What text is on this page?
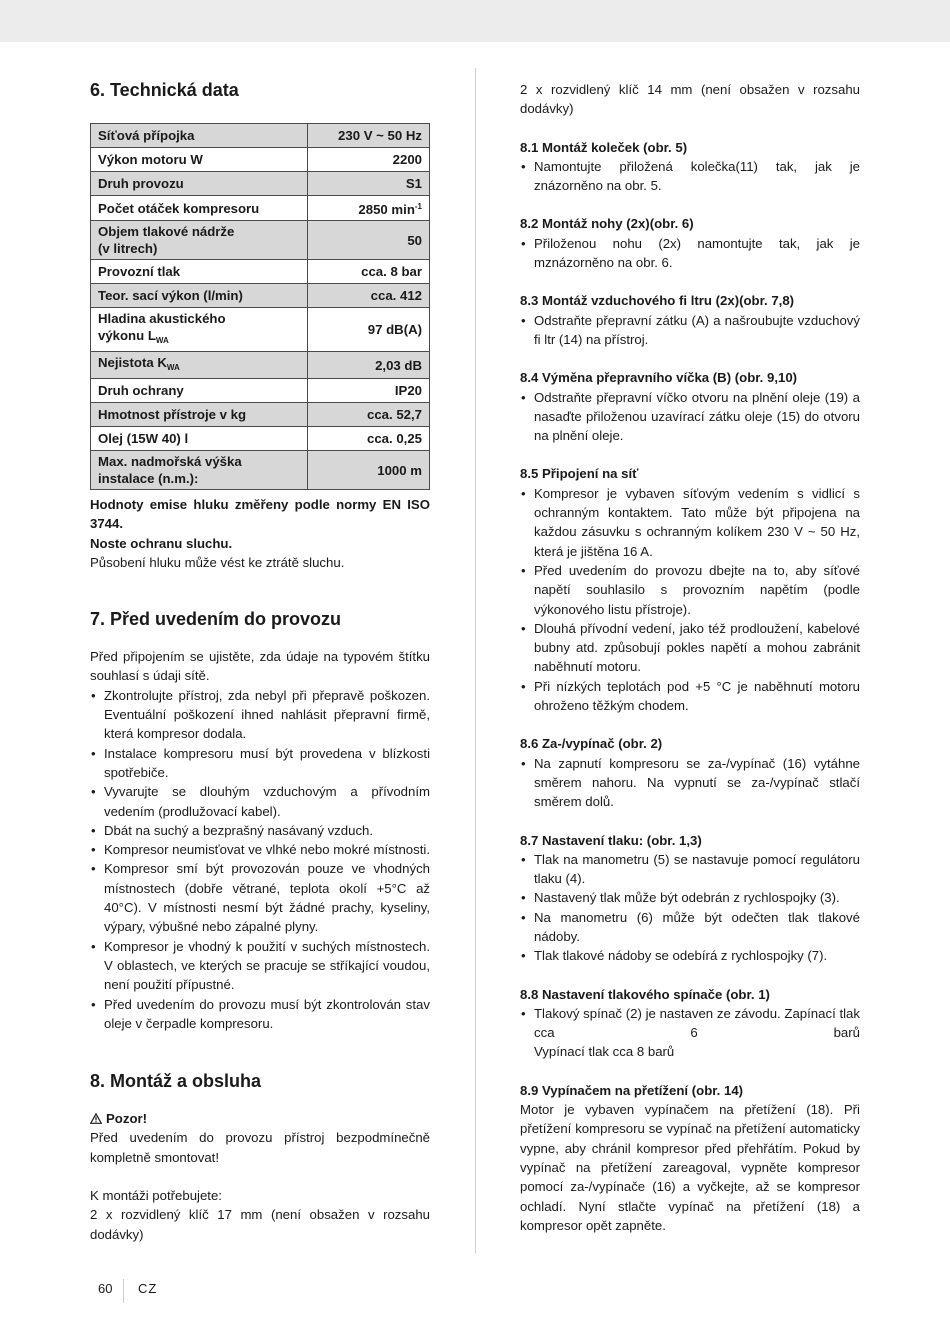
6. Technická data
Síťová přípojka	230 V ~ 50 Hz
Výkon motoru W	2200
Druh provozu	S1
Počet otáček kompresoru	2850 $\min^{-1}$
Objem tlakové nádrže
(v litrech)	50
Provozní tlak	cca. 8 bar
Teor. sací výkon (l/min)	cca. 412
Hladina akustického
výkonu $L_{WA}$	97 dB(A)
Nejistota $K_{WA}$	2,03 dB
Druh ochrany	IP20
Hmotnost přístroje v kg	cca. 52,7
Olej (15W 40) l	cca. 0,25
Max. nadmořská výška
instalace (n.m.):	1000 m

Hodnoty emise hluku změřeny podle normy EN ISO 3744.

Noste ochranu sluchu.

Působení hluku může vést ke ztrátě sluchu.

7. Před uvedením do provozu

Před připojením se ujistěte, zda údaje na typovém štítku souhlasí s údaji sítě.

• Zkontrolujte přístroj, zda nebyl při přepravě poškozen. Eventuální poškození ihned nahlásit přepravní firmě, která kompresor dodala.
• Instalace kompresoru musí být provedena v blízkosti spotřebiče.
• Vyvarujte se dlouhým vzduchovým a přívodním vedením (prodlužovací kabel).
• Dbát na suchý a bezprašný nasávaný vzduch.
• Kompresor neumisťovat ve vlhké nebo mokré místnosti.
• Kompresor smí být provozován pouze ve vhodných místnostech (dobře větrané, teplota okolí +5°C až 40°C). V místnosti nesmí být žádné prachy, kyseliny, výpary, výbušné nebo zápalné plyny.
• Kompresor je vhodný k použití v suchých místnostech. V oblastech, ve kterých se pracuje se stříkající voudou, není použití přípustné.
• Před uvedením do provozu musí být zkontrolován stav oleje v čerpadle kompresoru.
8. Montáž a obsluha

Pozor!

Před uvedením do provozu přístroj bezpodmínečně kompletně smontovat!

K montáži potřebujete:

2 x rozvidlený klíč 17 mm (není obsažen v rozsahu dodávky)

2 x rozvidlený klíč 14 mm (není obsažen v rozsahu dodávky)

8.1 Montáž koleček (obr. 5)

• Namontujte přiložená kolečka(11) tak, jak je znázorněno na obr. 5.

8.2 Montáž nohy (2x)(obr. 6)

• Přiloženou nohu (2x) namontujte tak, jak je mznázorněno na obr. 6.

8.3 Montáž vzduchového fi ltru (2x)(obr. 7,8)

• Odstraňte přepravní zátku (A) a našroubujte vzduchový fi ltr (14) na přístroj.

8.4 Výměna přepravního víčka (B) (obr. 9,10)

• Odstraňte přepravní víčko otvoru na plnění oleje (19) a nasaďte přiloženou uzavírací zátku oleje (15) do otvoru na plnění oleje.

8.5 Připojení na síť

• Kompresor je vybaven síťovým vedením s vidlicí s ochranným kontaktem. Tato může být připojena na každou zásuvku s ochranným kolíkem 230 V ~ 50 Hz, která je jištěna 16 A.
• Před uvedením do provozu dbejte na to, aby síťové napětí souhlasilo s provozním napětím (podle výkonového listu přístroje).
• Dlouhá přívodní vedení, jako též prodloužení, kabelové bubny atd. způsobují pokles napětí a mohou zabránit naběhnutí motoru.
• Při nízkých teplotách pod +5 °C je naběhnutí motoru ohroženo těžkým chodem.

8.6 Za-/vypínač (obr. 2)

• Na zapnutí kompresoru se za-/vypínač (16) vytáhne směrem nahoru. Na vypnutí se za-/vypínač stlačí směrem dolů.

8.7 Nastavení tlaku: (obr. 1,3)

• Tlak na manometru (5) se nastavuje pomocí regulátoru tlaku (4).
• Nastavený tlak může být odebrán z rychlospojky (3).
• Na manometru (6) může být odečten tlak tlakové nádoby.
• Tlak tlakové nádoby se odebírá z rychlospojky (7).

8.8 Nastavení tlakového spínače (obr. 1)

• Tlakový spínač (2) je nastaven ze závodu. Zapínací tlak cca 6 barů
Vypínací tlak cca 8 barů

8.9 Vypínačem na přetížení (obr. 14)

Motor je vybaven vypínačem na přetížení (18). Při přetížení kompresoru se vypínač na přetížení automaticky vypne, aby chránil kompresor před přehřátím. Pokud by vypínač na přetížení zareagoval, vypněte kompresor pomocí za-/vypínače (16) a vyčkejte, až se kompresor ochladí. Nyní stlačte vypínač na přetížení (18) a kompresor opět zapněte.

60 CZ
